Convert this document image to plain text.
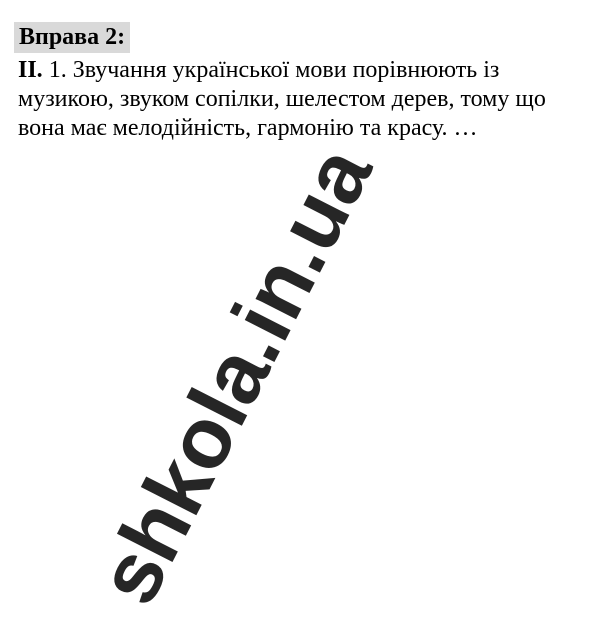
Вправа 2:
II. 1. Звучання української мови порівнюють із музикою, звуком сопілки, шелестом дерев, тому що вона має мелодійність, гармонію та красу. …
shkola.in.ua
